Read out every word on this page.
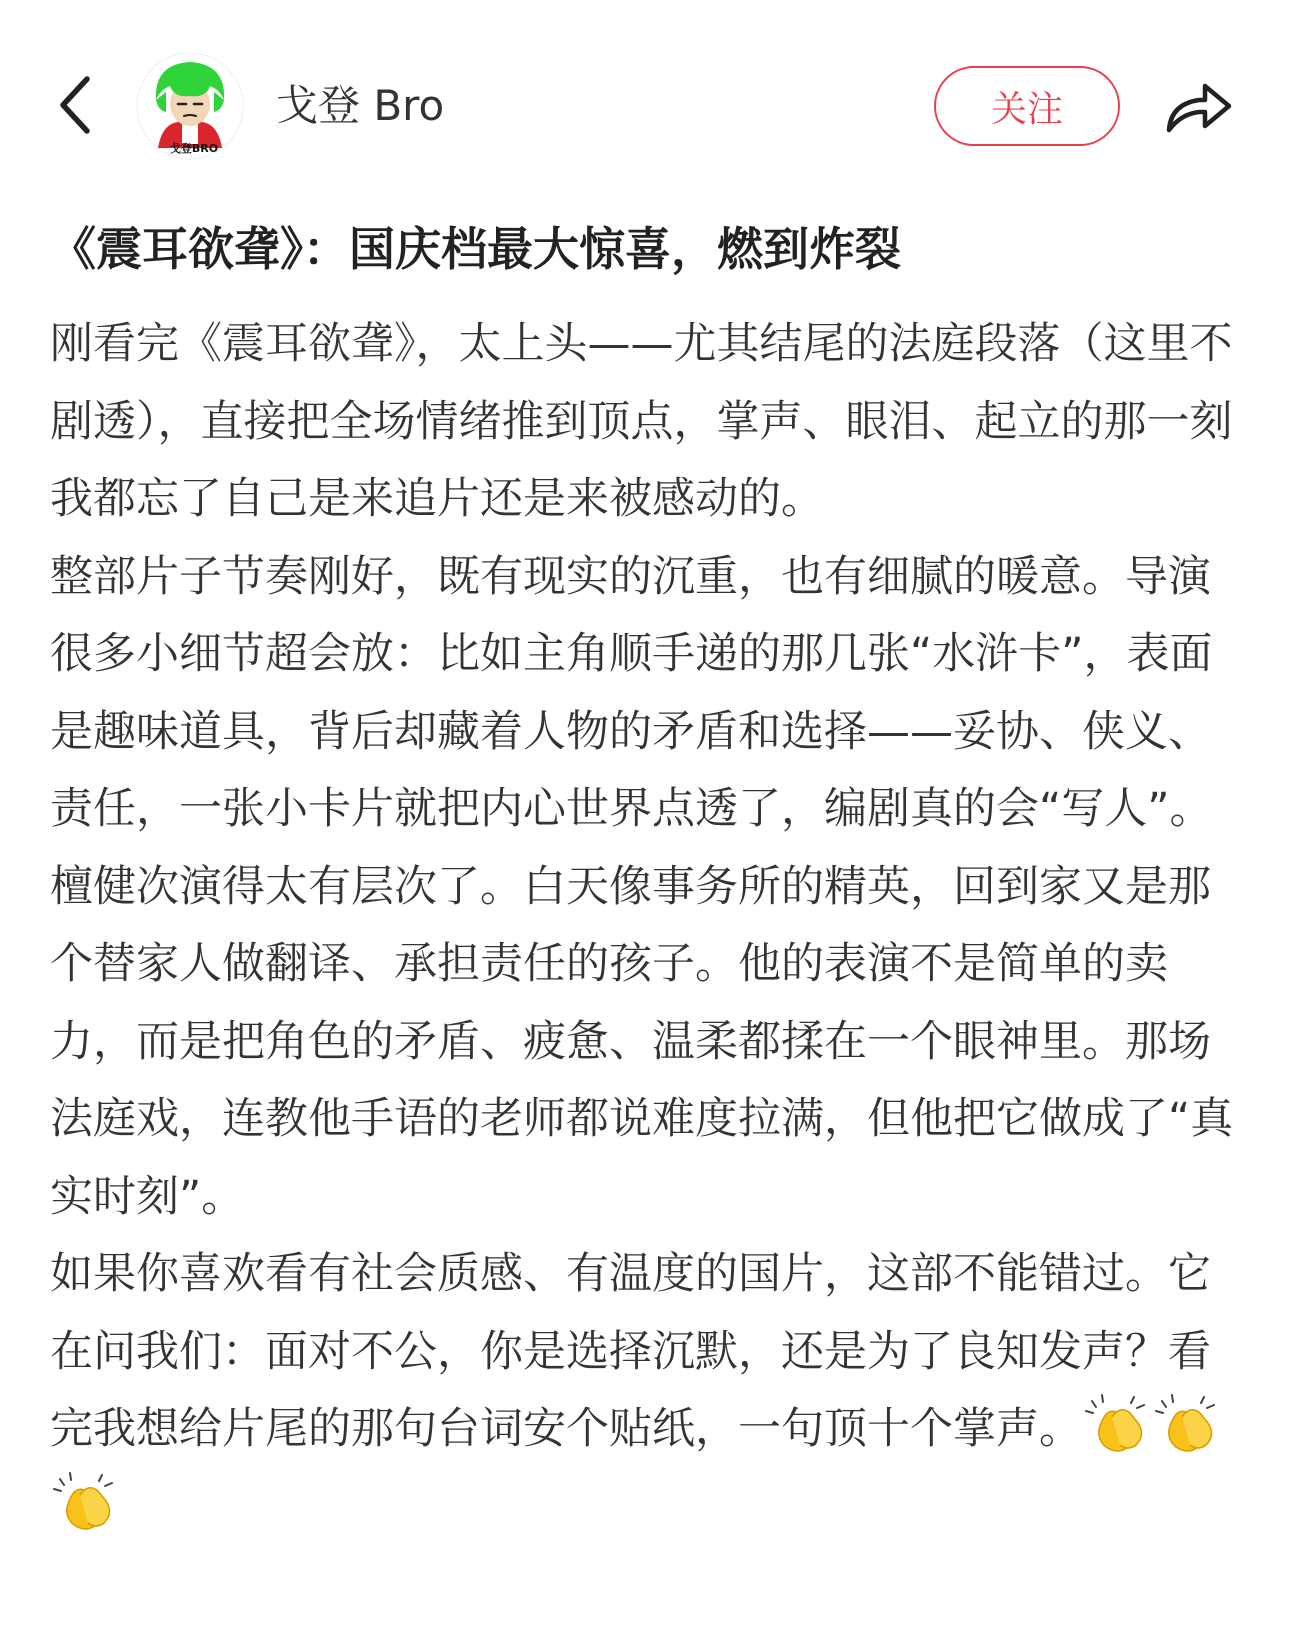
戈登BRO
戈登 Bro	关注
《震耳欲聋》：国庆档最大惊喜，燃到炸裂

刚看完《震耳欲聋》，太上头——尤其结尾的法庭段落（这里不剧透），直接把全场情绪推到顶点，掌声、眼泪、起立的那一刻我都忘了自己是来追片还是来被感动的。

整部片子节奏刚好，既有现实的沉重，也有细腻的暖意。导演很多小细节超会放：比如主角顺手递的那几张“水浒卡”，表面是趣味道具，背后却藏着人物的矛盾和选择——妥协、侠义、责任，一张小卡片就把内心世界点透了，编剧真的会“写人”。

檀健次演得太有层次了。白天像事务所的精英，回到家又是那个替家人做翻译、承担责任的孩子。他的表演不是简单的卖力，而是把角色的矛盾、疲惫、温柔都揉在一个眼神里。那场法庭戏，连教他手语的老师都说难度拉满，但他把它做成了“真实时刻”。

如果你喜欢看有社会质感、有温度的国片，这部不能错过。它在问我们：面对不公，你是选择沉默，还是为了良知发声？看完我想给片尾的那句台词安个贴纸，一句顶十个掌声。
